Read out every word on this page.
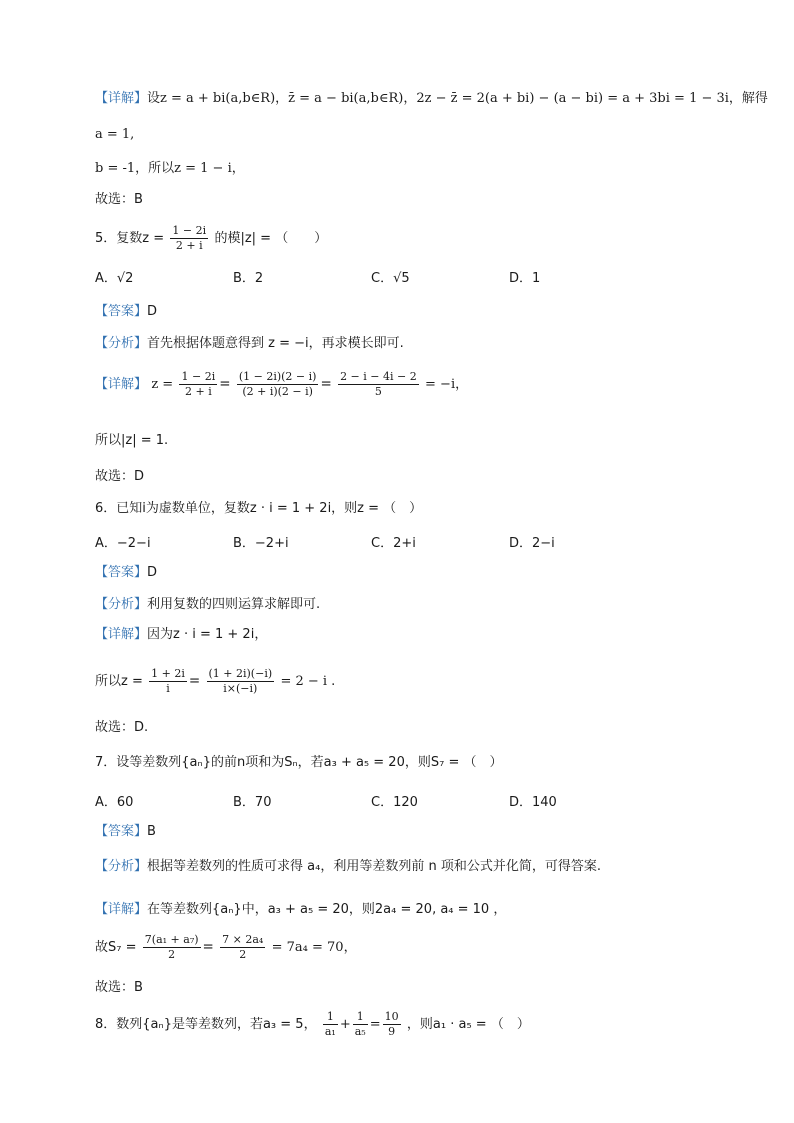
【详解】设z = a + bi(a,b∈R)，z̄ = a − bi(a,b∈R)，2z − z̄ = 2(a + bi) − (a − bi) = a + 3bi = 1 − 3i，解得
a = 1,
b = -1，所以z = 1 − i，
故选：B
5．复数$z = \frac{1 - 2i}{2 + i}$ 的模|z| = （　　）
A．√2	B．2	C．√5	D．1
【答案】D
【分析】首先根据体题意得到 z = −i，再求模长即可.
【详解】 $z = \frac{1 - 2i}{2 + i} = \frac{(1 - 2i)(2 - i)}{(2 + i)(2 - i)} = \frac{2 - i - 4i - 2}{5} = -i$，
所以|z| = 1.
故选：D
6．已知i为虚数单位，复数z · i = 1 + 2i，则z = （　）
A．−2−i	B．−2+i	C．2+i	D．2−i
【答案】D
【分析】利用复数的四则运算求解即可.
【详解】因为z · i = 1 + 2i，
所以$z = \frac{1 + 2i}{i} = \frac{(1 + 2i)(-i)}{i\times(-i)} = 2 - i$ .
故选：D.
7．设等差数列{aₙ}的前n项和为Sₙ，若a₃ + a₅ = 20，则S₇ = （　）
A．60	B．70	C．120	D．140
【答案】B
【分析】根据等差数列的性质可求得 a₄，利用等差数列前 n 项和公式并化简，可得答案.
【详解】在等差数列{aₙ}中，a₃ + a₅ = 20，则2a₄ = 20, a₄ = 10 ，
故$S_7 = \frac{\text{7(a₁ + a₇)}}{2} = \frac{\text{7 × 2a₄}}{2} = 7a_4 = 70$，
故选：B
8．数列{aₙ}是等差数列，若a₃ = 5， $\frac{1}{\text{a₁}} + \frac{1}{\text{a₅}} = \frac{10}{9}$ ，则a₁ · a₅ = （　）
